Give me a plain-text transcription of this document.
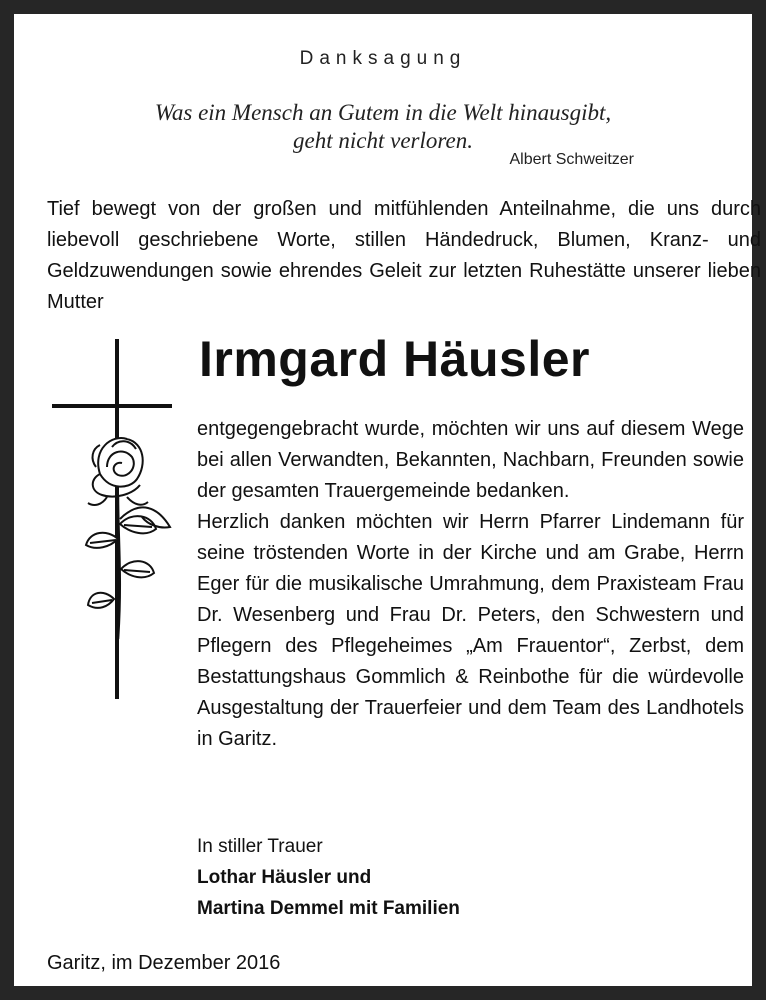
Danksagung
Was ein Mensch an Gutem in die Welt hinausgibt,
geht nicht verloren.
Albert Schweitzer
Tief bewegt von der großen und mitfühlenden Anteilnahme, die uns durch liebevoll geschriebene Worte, stillen Händedruck, Blumen, Kranz- und Geldzuwendungen sowie ehrendes Geleit zur letzten Ruhestätte unserer lieben Mutter
Irmgard Häusler

entgegengebracht wurde, möchten wir uns auf diesem Wege bei allen Verwandten, Bekannten, Nachbarn, Freunden sowie der gesamten Trauergemeinde bedanken.

Herzlich danken möchten wir Herrn Pfarrer Lindemann für seine tröstenden Worte in der Kirche und am Grabe, Herrn Eger für die musikalische Umrahmung, dem Praxisteam Frau Dr. Wesenberg und Frau Dr. Peters, den Schwestern und Pflegern des Pflegeheimes „Am Frauentor“, Zerbst, dem Bestattungshaus Gommlich & Reinbothe für die würdevolle Ausgestaltung der Trauerfeier und dem Team des Landhotels in Garitz.

In stiller Trauer
Lothar Häusler und
Martina Demmel mit Familien
Garitz, im Dezember 2016
